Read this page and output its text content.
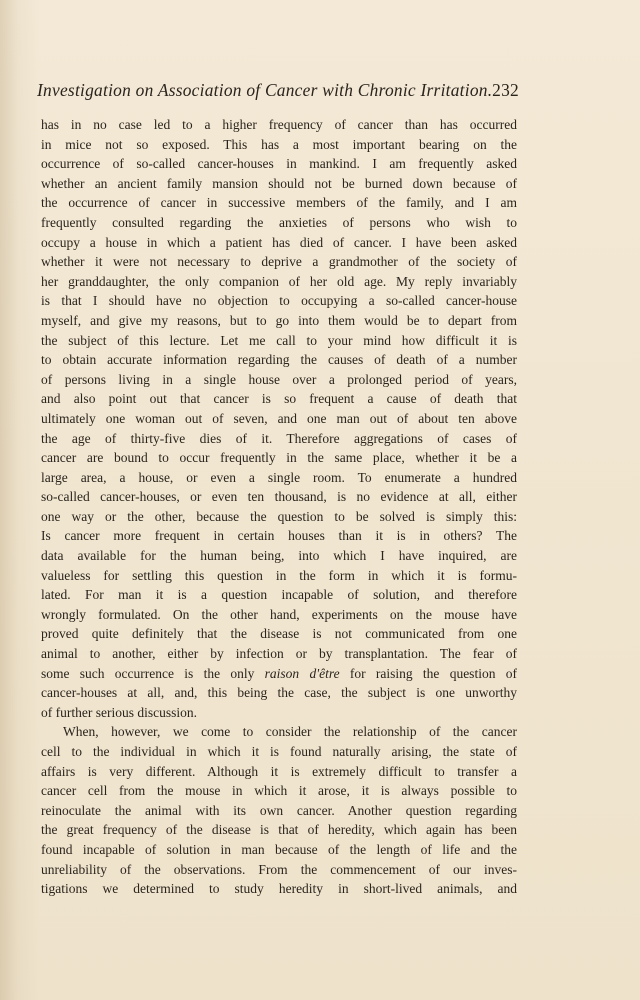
Investigation on Association of Cancer with Chronic Irritation. 232
has in no case led to a higher frequency of cancer than has occurred
in mice not so exposed. This has a most important bearing on the
occurrence of so-called cancer-houses in mankind. I am frequently asked
whether an ancient family mansion should not be burned down because of
the occurrence of cancer in successive members of the family, and I am
frequently consulted regarding the anxieties of persons who wish to
occupy a house in which a patient has died of cancer. I have been asked
whether it were not necessary to deprive a grandmother of the society of
her granddaughter, the only companion of her old age. My reply invariably
is that I should have no objection to occupying a so-called cancer-house
myself, and give my reasons, but to go into them would be to depart from
the subject of this lecture. Let me call to your mind how difficult it is
to obtain accurate information regarding the causes of death of a number
of persons living in a single house over a prolonged period of years,
and also point out that cancer is so frequent a cause of death that
ultimately one woman out of seven, and one man out of about ten above
the age of thirty-five dies of it. Therefore aggregations of cases of
cancer are bound to occur frequently in the same place, whether it be a
large area, a house, or even a single room. To enumerate a hundred
so-called cancer-houses, or even ten thousand, is no evidence at all, either
one way or the other, because the question to be solved is simply this:
Is cancer more frequent in certain houses than it is in others? The
data available for the human being, into which I have inquired, are
valueless for settling this question in the form in which it is formu-
lated. For man it is a question incapable of solution, and therefore
wrongly formulated. On the other hand, experiments on the mouse have
proved quite definitely that the disease is not communicated from one
animal to another, either by infection or by transplantation. The fear of
some such occurrence is the only raison d'être for raising the question of
cancer-houses at all, and, this being the case, the subject is one unworthy
of further serious discussion.
When, however, we come to consider the relationship of the cancer
cell to the individual in which it is found naturally arising, the state of
affairs is very different. Although it is extremely difficult to transfer a
cancer cell from the mouse in which it arose, it is always possible to
reinoculate the animal with its own cancer. Another question regarding
the great frequency of the disease is that of heredity, which again has been
found incapable of solution in man because of the length of life and the
unreliability of the observations. From the commencement of our inves-
tigations we determined to study heredity in short-lived animals, and
